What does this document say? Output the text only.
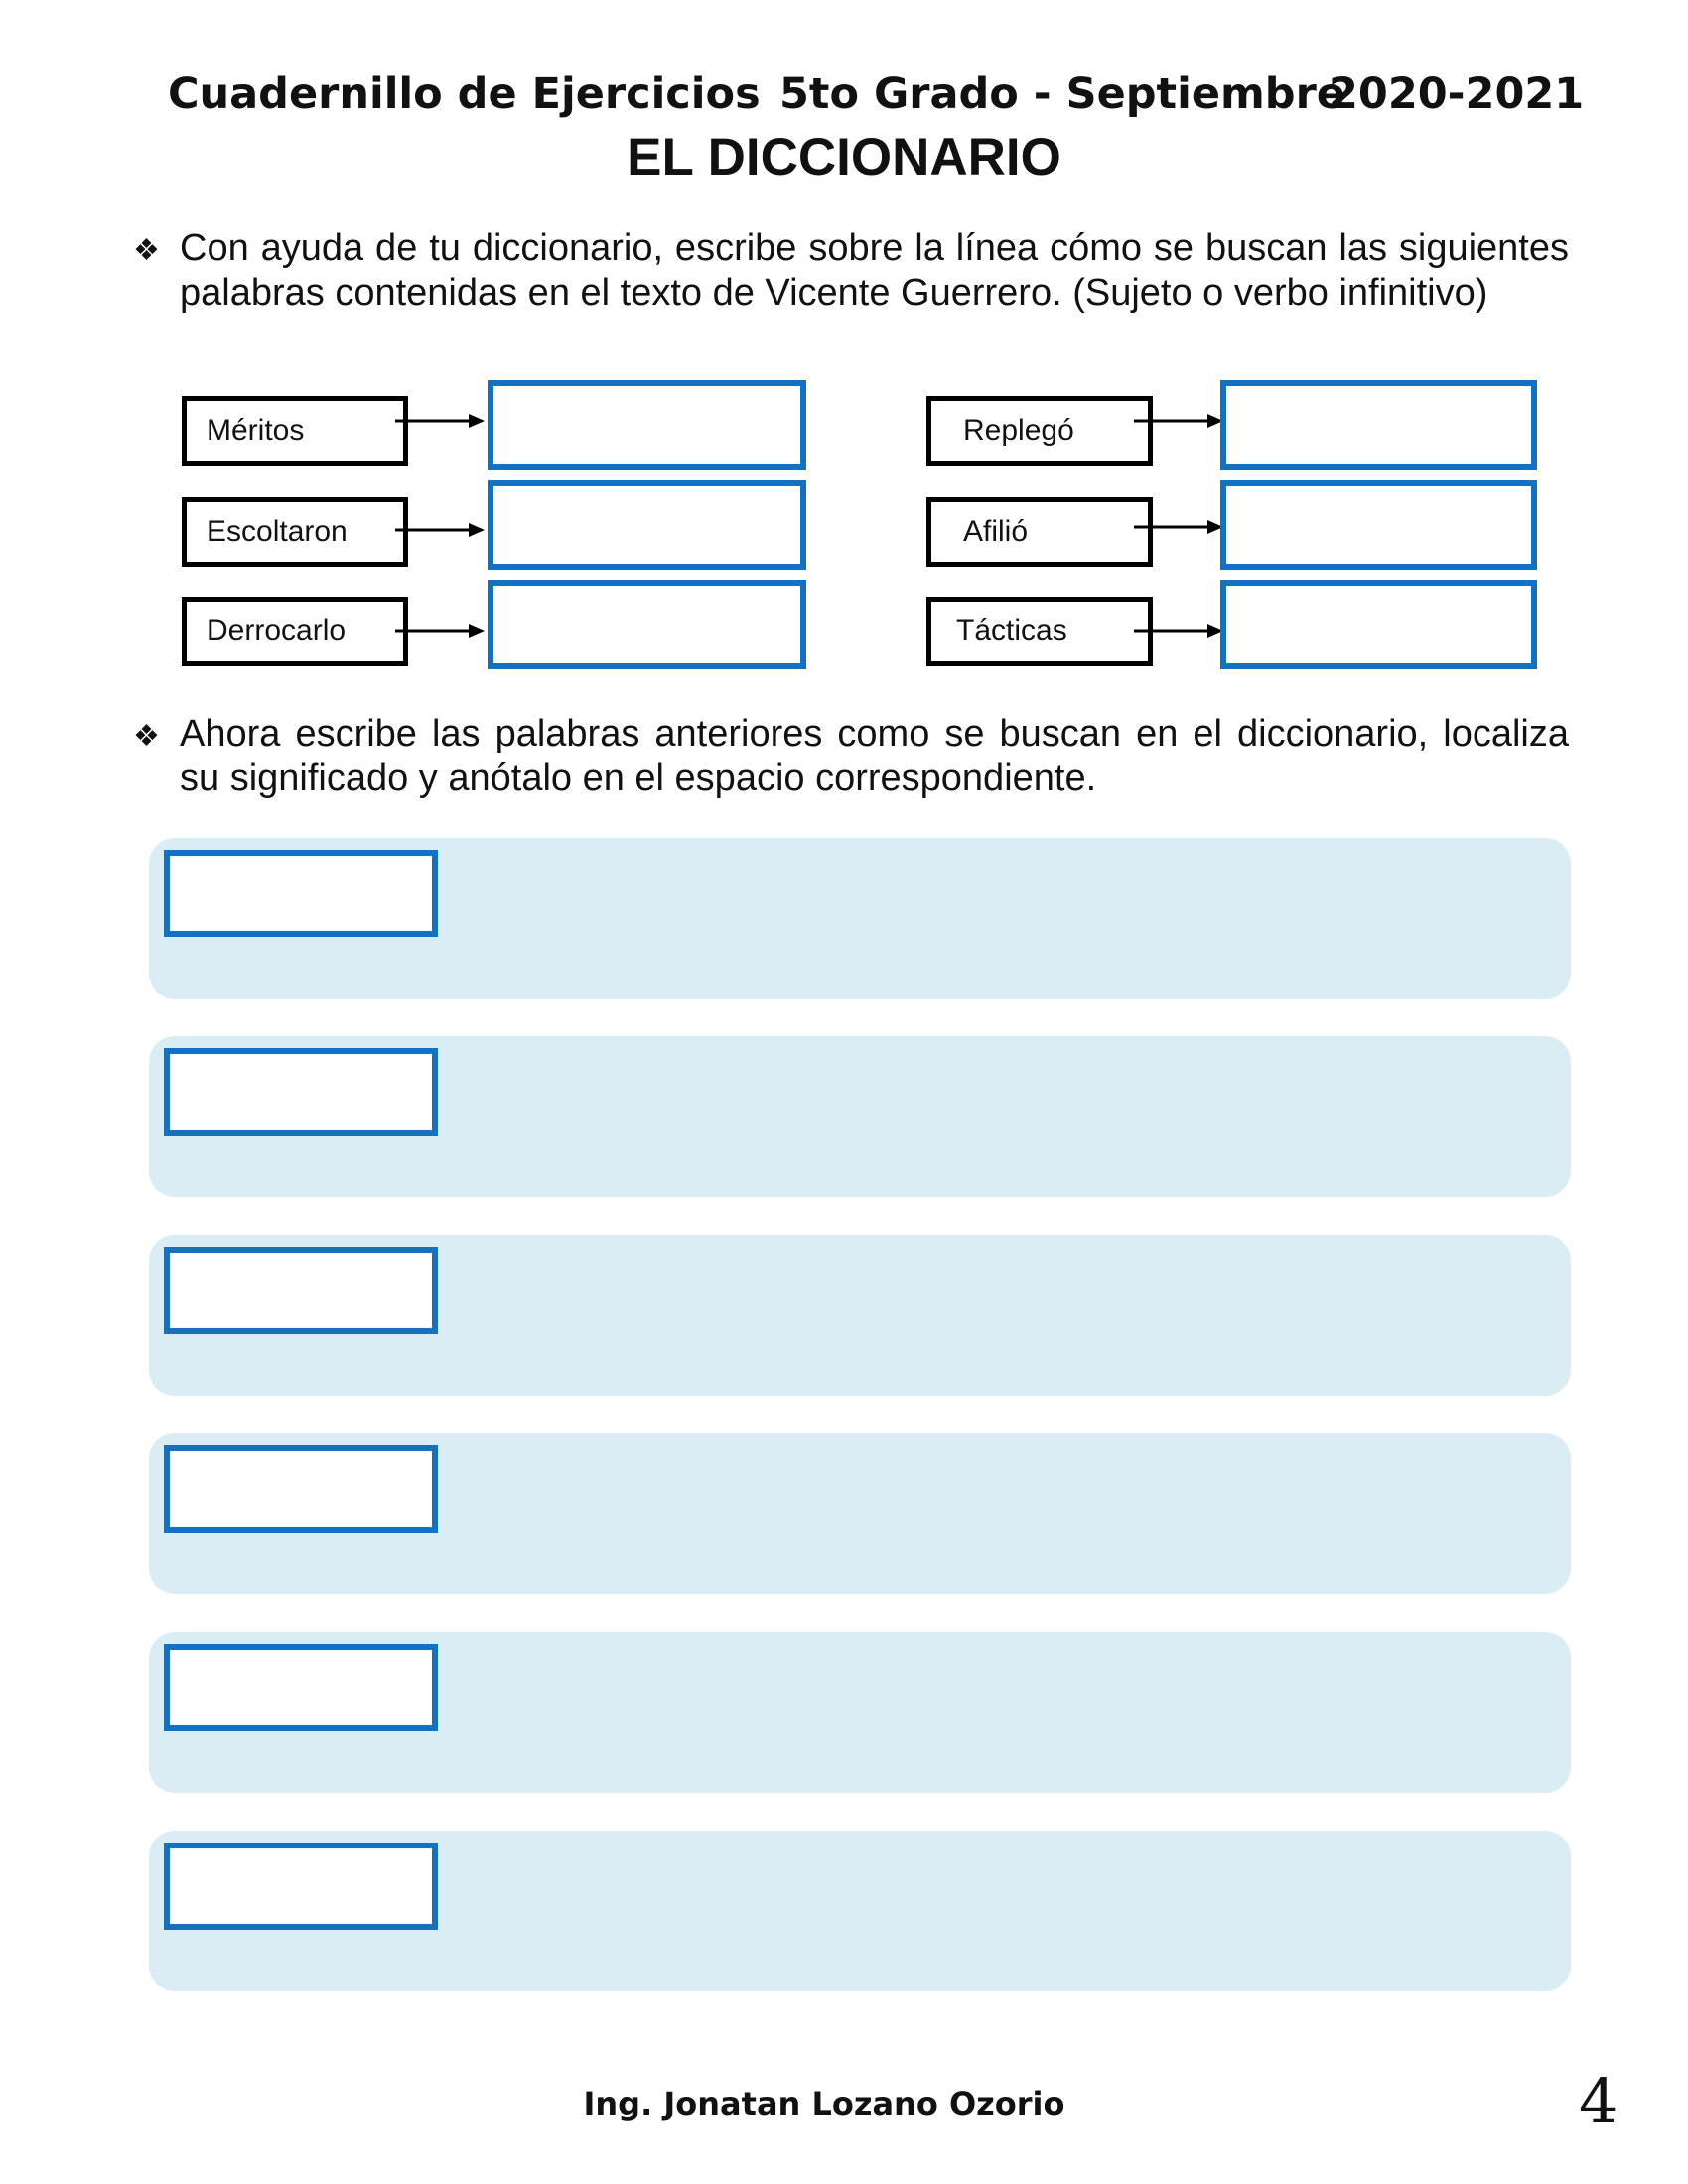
Cuadernillo de Ejercicios 5to Grado - Septiembre
2020-2021
EL DICCIONARIO
❖ Con ayuda de tu diccionario, escribe sobre la línea cómo se buscan las siguientes palabras contenidas en el texto de Vicente Guerrero. (Sujeto o verbo infinitivo)
Méritos
Escoltaron
Derrocarlo
Replegó
Afilió
Tácticas
❖ Ahora escribe las palabras anteriores como se buscan en el diccionario, localiza su significado y anótalo en el espacio correspondiente.
Ing. Jonatan Lozano Ozorio	4
